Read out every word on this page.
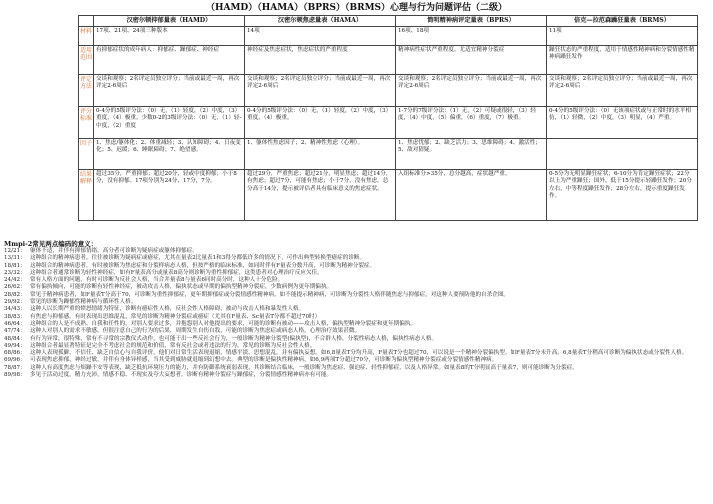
（HAMD）（HAMA）（BPRS）（BRMS）心理与行为问题评估（二级）
	汉密尔顿抑郁量表（HAMD）	汉密尔顿焦虑量表（HAMA）	简明精神病评定量表（BPRS）	倍克—拉范森躁狂量表（BRMS）
材料	17项、21项、24项三种版本	14项	16项、18项	11项
适用范围	有抑郁症状的成年病人：抑郁症、躁郁症、神经症	神经症及焦虑症状，焦虑症状的严重程度	精神病性症状严重程度，尤适宜精神分裂症	躁狂状态的严重程度，适用于情感性精神病和分裂情感性精神病躁狂发作
评定方法	交谈和观察；2名评定员独立评分；当前或最近一周，再次评定2-6周后	交谈和观察；2名评定员独立评分；当前或最近一周，再次评定2-6周后	交谈和观察；2名评定员独立评分；当前或最近一周，再次评定2-6周后	交谈和观察；2名评定员独立评分；当前或最近一周，再次评定2-6周后
评分标准	0-4分的5级评分法：（0）无，（1）轻度，（2）中度，（3）重度，（4）极重。少数0-2的3级评分法：（0）无，（1）轻-中度，（2）重度	0-4分的5级评分法：（0）无，（1）轻度，（2）中度，（3）重度，（4）极重。	1-7分的7级评分法：（1）无，（2）可疑或很轻，（3）轻度，（4）中度，（5）偏重，（6）重度，（7）极重。	0-4分的5级评分法：（0）无该项症状或与正常时的水平相仿，（1）轻微，（2）中度，（3）明显，（4）严重。
因子	1、焦虑/躯体化；2、体重减轻；3、认知障碍；4、日夜变化；5、迟缓；6、睡眠障碍；7、绝望感。	1、躯体性焦虑因子；2、精神性焦虑（心理）。	1、焦虑忧郁；2、缺乏活力；3、思维障碍；4、激活性；5、敌对猜疑。	
结果解释	超过35分，严重抑郁；超过20分，轻或中度抑郁；小于8分，没有抑郁。17项分别为24分，17分，7分。	超过29分，严重焦虑；超过21分，明显焦虑；超过14分，有焦虑；超过7分，可能有焦虑；小于7分，没有焦虑。总分高于14分，提示被评估者具有临床意义的焦虑症状。	入组标准分>35分，总分越高，症状越严重。	0-5分为无明显躁狂症状；6-10分为肯定躁狂症状；22分以上为严重躁狂；国外，低于15分提示轻躁狂发作；20分左右，中等程度躁狂发作；28分左右，提示重度躁狂发作。
Mmpi-2常见两点编码的意义：
12/21： 躯体不适，并伴有抑郁情绪，高分者可诊断为疑病症或躯体抑郁症。
13/31： 这种组合的精神病患者，往往被诊断为疑病症或癔症，尤其在量表2比量表1和3得分都低许多的情况下，可作出典型转换型癔症的诊断。
18/81： 这种组合的精神病患者，有时被诊断为焦虑症和分裂样病态人格，但按严格的临床标准，如同时伴有F量表分数升高，可诊断为精神分裂症。
23/32： 这种组合者通常诊断为轻性神经症，如有F量表高分或量表8高分则诊断为重性抑郁症，这类患者对心理治疗反应欠佳。
24/42： 常有人格方面的问题，有时可诊断为反社会人格，当合并量表8与量表6同时高分时，这种人十分危险。
26/62： 常有偏执倾向，可能的诊断有轻性神经症，被动攻击人格，偏执状态或早期的偏执型精神分裂症，少数病例为更年期偏执。
28/82： 常见于精神病患者，如F量表T分高于70，可诊断为重性抑郁症，更年期抑郁症或分裂情感性精神病，如不能提示精神病，可诊断为分裂性人格伴随焦虑与抑郁症，对这种人要预防他的自杀企图。
29/92： 常见的诊断为躁郁性精神病与循环性人格。
34/43： 这种人以长期严重的愤怒情绪为特征，诊断有癔症性人格，反社会性人格障碍，被动与攻击人格和暴发性人格。
38/83： 有焦虑与抑郁感，有时表现出思维混乱，常见的诊断为精神分裂症或癔症（尤其在F量表、Sc量表T分都不超过70时）
46/64： 这种组合的人是不成熟、自我和任性的，对别人要求过多，并抱怨别人对他提出的要求，可能的诊断有被动——攻击人格，偏执型精神分裂症和更年期偏执。
47/74： 这种人对别人的需求不敏感，但很注意自己的行为的后果，周期发生自伤自戕，可能的诊断为焦虑症或病态人格，心理治疗效果甚微。
48/84： 有行为异常，很特殊，常有不寻常的宗教仪式动作，也可能干出一些反社会行为，一般诊断为精神分裂型(偏执型)，不合群人格，分裂性病态人格，偏执性病态人格。
49/94： 这种组合者最显著特征是完全不考虑社会的规范和价值，常有反社会或者违法的行为，常见的诊断为反社会性人格。
68/86： 这种人表现孤僻，不信任、缺乏自信心与自我评价，他们对日常生活表现退缩，情感平淡，思想混乱，并有偏执妄想。如6,8量表T分均升高，F量表T分也超过70，可以说是一个精神分裂偏执型。如F量表T分未升高，6,8量表T分稍高可诊断为偏执状态或分裂性人格。
69/96： 可表现焦虑抑郁，神经过敏，并伴有身体异样感，当其受到威胁就退缩到幻想中去。典型的诊断是偏执性精神病，如6,9两项T分超过70分，可诊断为偏执型精神分裂症或分裂情感性精神病。
78/87： 这种人有高度焦虑与烦躁不安等表现，缺乏抵抗环境压力的能力，并有防御系统衰弱表现，其诊断结合临床，一般诊断为焦虑症、强迫症、轻性抑郁症，以及人格异常。如量表8的T分明显高于量表7，则可能诊断为分裂症。
89/98： 多见于活动过度，精力充沛，情感不稳、不现实及夸大妄想者。诊断有精神分裂症与躁郁症，分裂情感性精神病亦有可能。
